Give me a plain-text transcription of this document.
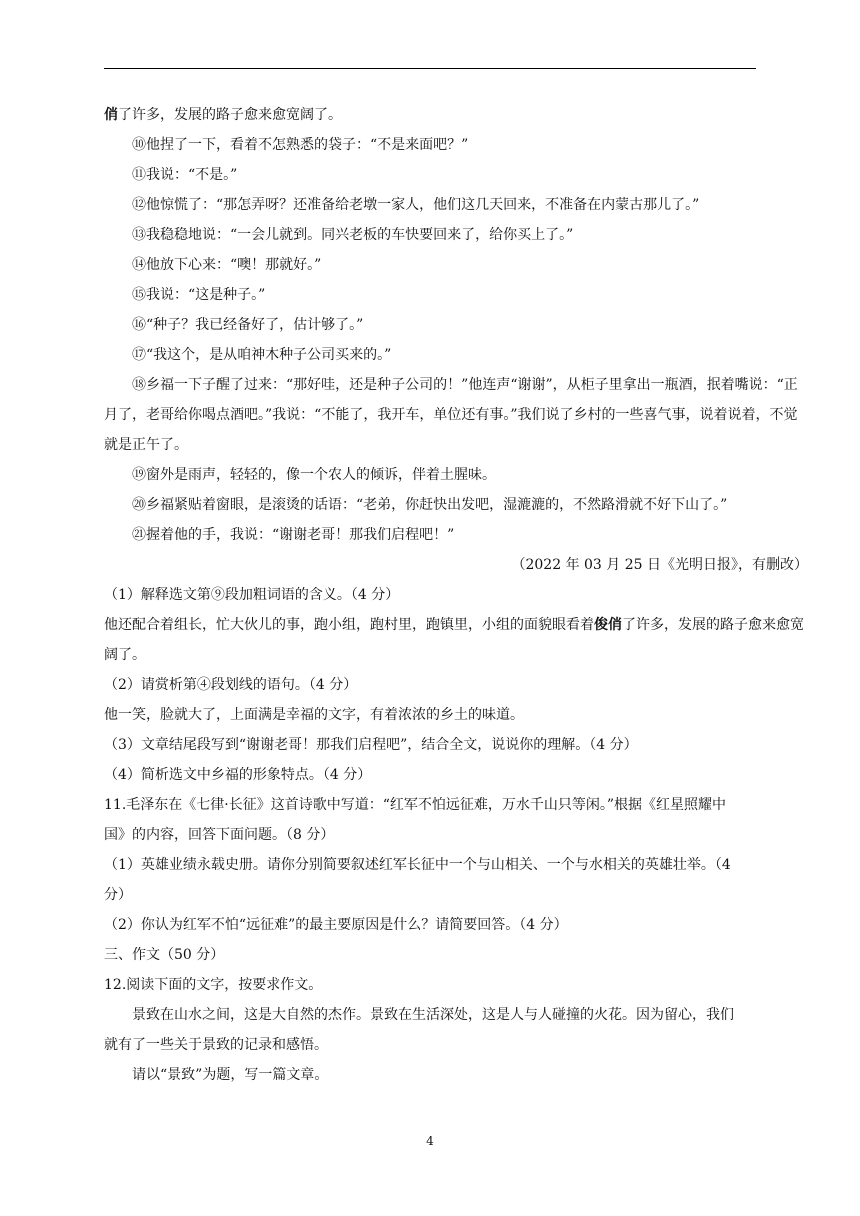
俏了许多，发展的路子愈来愈宽阔了。

⑩他捏了一下，看着不怎熟悉的袋子：“不是来面吧？”

⑪我说：“不是。”

⑫他惊慌了：“那怎弄呀？还准备给老墩一家人，他们这几天回来，不准备在内蒙古那儿了。”

⑬我稳稳地说：“一会儿就到。同兴老板的车快要回来了，给你买上了。”

⑭他放下心来：“噢！那就好。”

⑮我说：“这是种子。”

⑯“种子？我已经备好了，估计够了。”

⑰“我这个，是从咱神木种子公司买来的。”

⑱乡福一下子醒了过来：“那好哇，还是种子公司的！”他连声“谢谢”，从柜子里拿出一瓶酒，抿着嘴说：“正月了，老哥给你喝点酒吧。”我说：“不能了，我开车，单位还有事。”我们说了乡村的一些喜气事，说着说着，不觉就是正午了。

⑲窗外是雨声，轻轻的，像一个农人的倾诉，伴着土腥味。

⑳乡福紧贴着窗眼，是滚烫的话语：“老弟，你赶快出发吧，湿漉漉的，不然路滑就不好下山了。”

㉑握着他的手，我说：“谢谢老哥！那我们启程吧！”

（2022 年 03 月 25 日《光明日报》，有删改）

（1）解释选文第⑨段加粗词语的含义。（4 分）

他还配合着组长，忙大伙儿的事，跑小组，跑村里，跑镇里，小组的面貌眼看着俊俏了许多，发展的路子愈来愈宽阔了。

（2）请赏析第④段划线的语句。（4 分）

他一笑，脸就大了，上面满是幸福的文字，有着浓浓的乡土的味道。

（3）文章结尾段写到“谢谢老哥！那我们启程吧”，结合全文，说说你的理解。（4 分）

（4）简析选文中乡福的形象特点。（4 分）

11.毛泽东在《七律·长征》这首诗歌中写道：“红军不怕远征难，万水千山只等闲。”根据《红星照耀中国》的内容，回答下面问题。（8 分）

（1）英雄业绩永载史册。请你分别简要叙述红军长征中一个与山相关、一个与水相关的英雄壮举。（4 分）

（2）你认为红军不怕“远征难”的最主要原因是什么？请简要回答。（4 分）

三、作文（50 分）

12.阅读下面的文字，按要求作文。

景致在山水之间，这是大自然的杰作。景致在生活深处，这是人与人碰撞的火花。因为留心，我们就有了一些关于景致的记录和感悟。

请以“景致”为题，写一篇文章。

4
